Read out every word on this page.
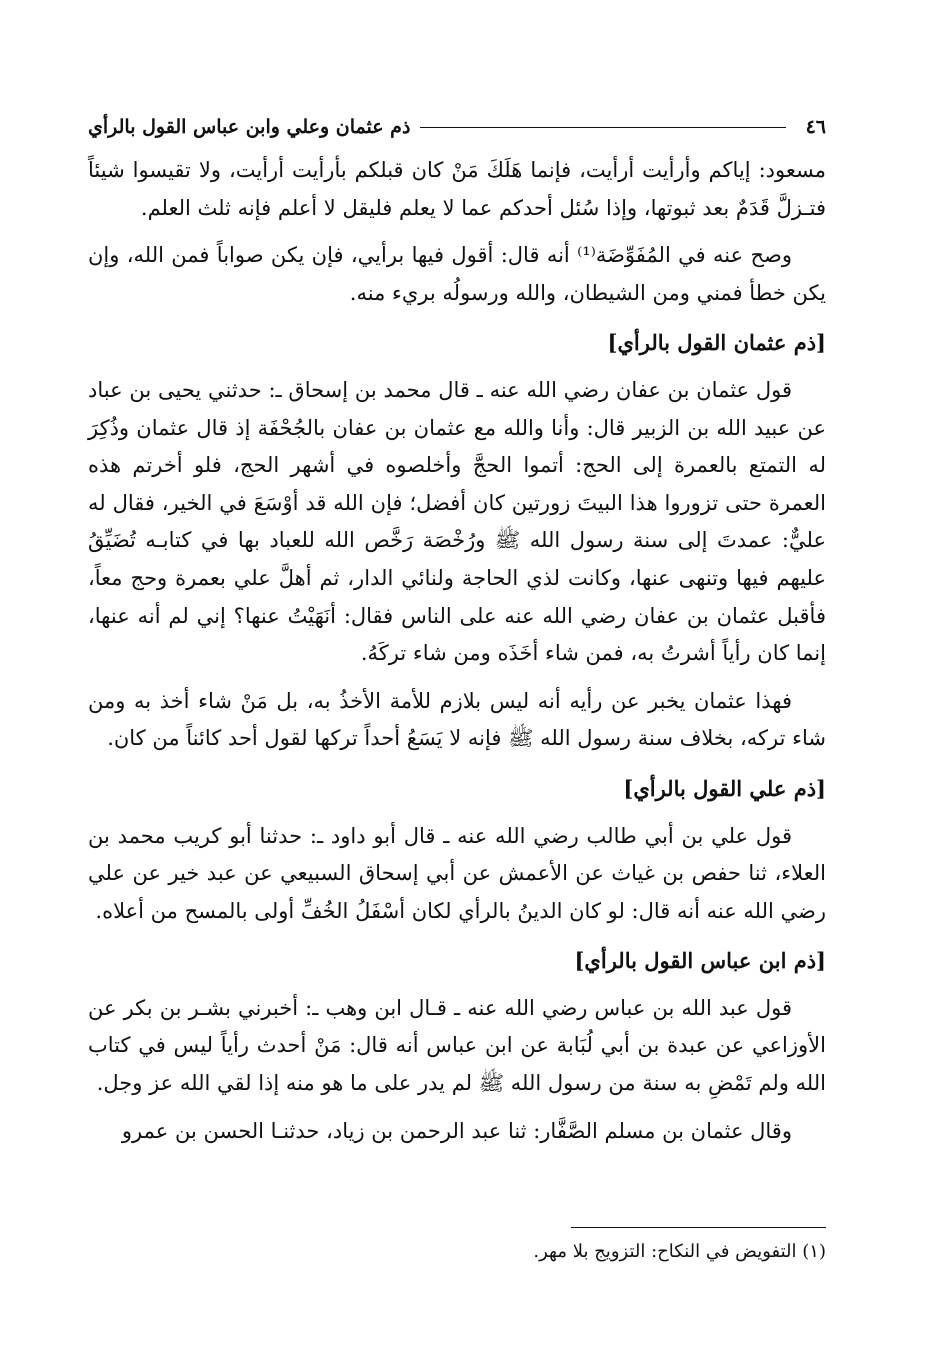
٤٦
ذم عثمان وعلي وابن عباس القول بالرأي

مسعود: إياكم وأرأيت أرأيت، فإنما هَلَكَ مَنْ كان قبلكم بأرأيت أرأيت، ولا تقيسوا شيئاً فتـزلَّ قَدَمٌ بعد ثبوتها، وإذا سُئل أحدكم عما لا يعلم فليقل لا أعلم فإنه ثلث العلم.

وصح عنه في المُفَوِّضَة⁽¹⁾ أنه قال: أقول فيها برأيي، فإن يكن صواباً فمن الله، وإن يكن خطأ فمني ومن الشيطان، والله ورسولُه بريء منه.

[ذم عثمان القول بالرأي]

قول عثمان بن عفان رضي الله عنه ـ قال محمد بن إسحاق ـ: حدثني يحيى بن عباد عن عبيد الله بن الزبير قال: وأنا والله مع عثمان بن عفان بالجُحْفَة إذ قال عثمان وذُكِرَ له التمتع بالعمرة إلى الحج: أتموا الحجَّ وأخلصوه في أشهر الحج، فلو أخرتم هذه العمرة حتى تزوروا هذا البيتَ زورتين كان أفضل؛ فإن الله قد أوْسَعَ في الخير، فقال له عليٌّ: عمدتَ إلى سنة رسول الله ﷺ ورُخْصَة رَخَّص الله للعباد بها في كتابـه تُضَيِّقُ عليهم فيها وتنهى عنها، وكانت لذي الحاجة ولنائي الدار، ثم أهلَّ علي بعمرة وحج معاً، فأقبل عثمان بن عفان رضي الله عنه على الناس فقال: أنَهَيْتُ عنها؟ إني لم أنه عنها، إنما كان رأياً أشرتُ به، فمن شاء أخَذَه ومن شاء تركَهُ.

فهذا عثمان يخبر عن رأيه أنه ليس بلازم للأمة الأخذُ به، بل مَنْ شاء أخذ به ومن شاء تركه، بخلاف سنة رسول الله ﷺ فإنه لا يَسَعُ أحداً تركها لقول أحد كائناً من كان.

[ذم علي القول بالرأي]

قول علي بن أبي طالب رضي الله عنه ـ قال أبو داود ـ: حدثنا أبو كريب محمد بن العلاء، ثنا حفص بن غياث عن الأعمش عن أبي إسحاق السبيعي عن عبد خير عن علي رضي الله عنه أنه قال: لو كان الدينُ بالرأي لكان أسْفَلُ الخُفِّ أولى بالمسح من أعلاه.

[ذم ابن عباس القول بالرأي]

قول عبد الله بن عباس رضي الله عنه ـ قـال ابن وهب ـ: أخبرني بشـر بن بكر عن الأوزاعي عن عبدة بن أبي لُبَابة عن ابن عباس أنه قال: مَنْ أحدث رأياً ليس في كتاب الله ولم تَمْضِ به سنة من رسول الله ﷺ لم يدر على ما هو منه إذا لقي الله عز وجل.

وقال عثمان بن مسلم الصَّفَّار: ثنا عبد الرحمن بن زياد، حدثنـا الحسن بن عمرو

(١) التفويض في النكاح: التزويج بلا مهر.
